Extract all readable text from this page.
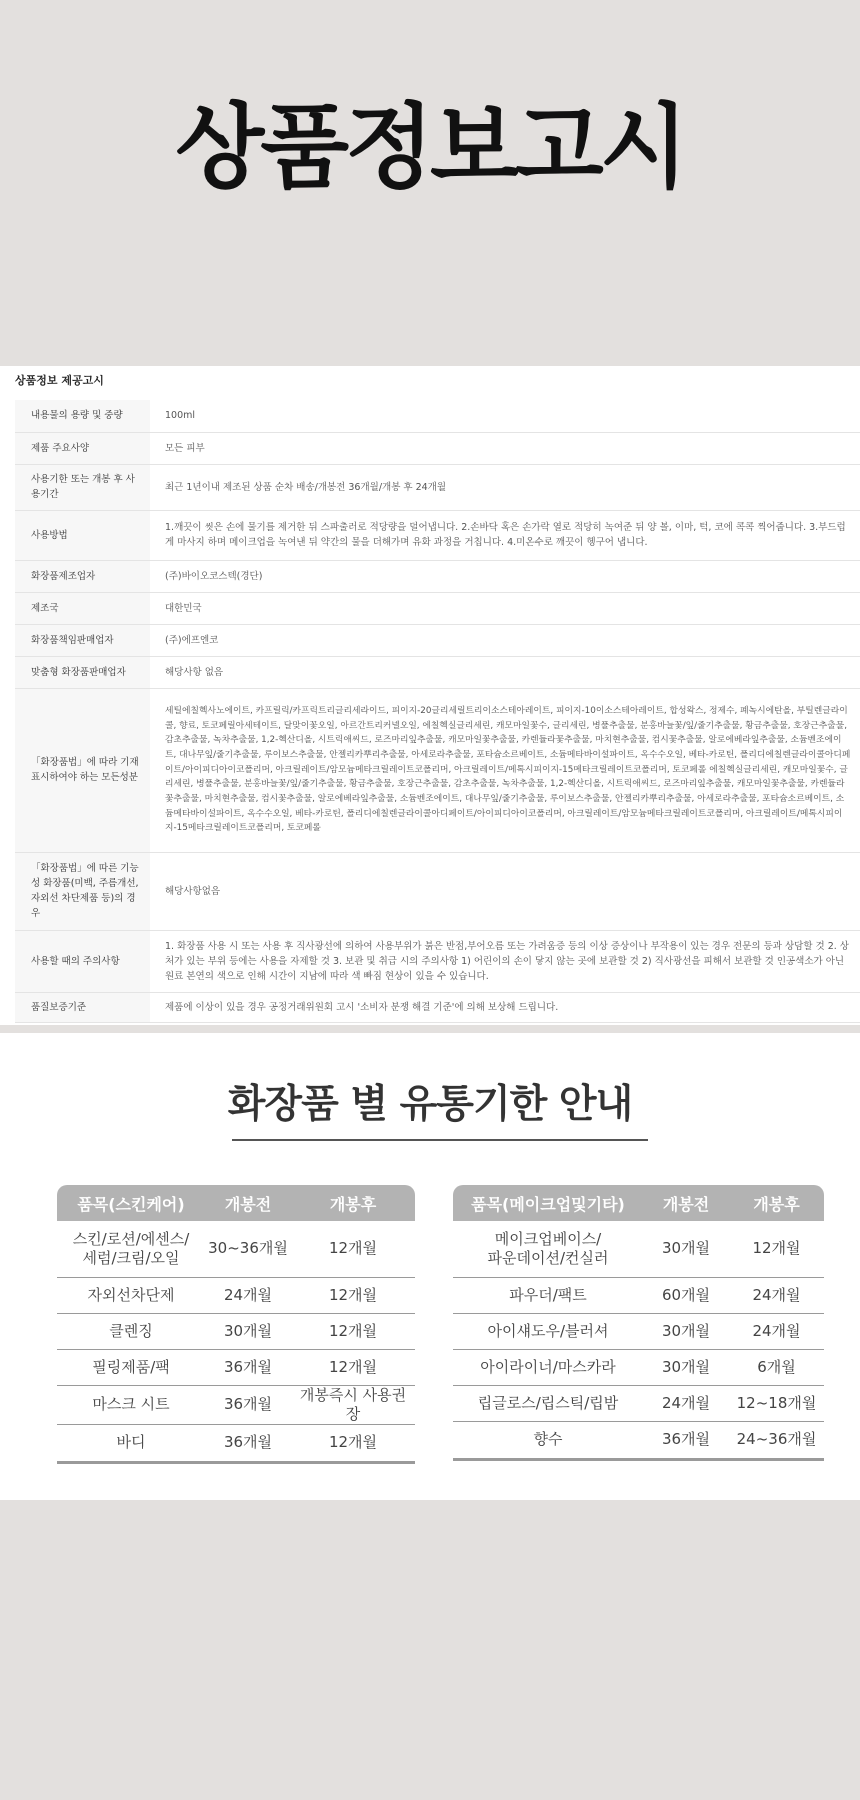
상품정보고시
상품정보 제공고시
내용물의 용량 및 중량	100ml
제품 주요사양	모든 피부
사용기한 또는 개봉 후 사용기간	최근 1년이내 제조된 상품 순차 배송/개봉전 36개월/개봉 후 24개월
사용방법	1.깨끗이 씻은 손에 물기를 제거한 뒤 스파출러로 적당량을 덜어냅니다. 2.손바닥 혹은 손가락 열로 적당히 녹여준 뒤 양 볼, 이마, 턱, 코에 콕콕 찍어줍니다. 3.부드럽게 마사지 하며 메이크업을 녹여낸 뒤 약간의 물을 더해가며 유화 과정을 거칩니다. 4.미온수로 깨끗이 헹구어 냅니다.
화장품제조업자	(주)바이오코스텍(경단)
제조국	대한민국
화장품책임판매업자	(주)에프엔코
맞춤형 화장품판매업자	해당사항 없음
「화장품법」에 따라 기재 표시하여야 하는 모든성분	세틸에칠헥사노에이트, 카프릴릭/카프릭트리글리세라이드, 피이지-20글리세릴트리이소스테아레이트, 피이지-10이소스테아레이트, 합성왁스, 정제수, 폐녹시에탄올, 부틸렌글라이콜, 향료, 토코페릴아세테이트, 달맞이꽃오일, 아르간트리커넬오일, 에칠헥실글리세린, 캐모마일꽃수, 글리세린, 병풀추출물, 분홍바늘꽃/잎/줄기추출물, 황금추출물, 호장근추출물, 감초추출물, 녹차추출물, 1,2-헥산디올, 시트릭애씨드, 로즈마리잎추출물, 캐모마일꽃추출물, 카렌듈라꽃추출물, 마치현추출물, 컴시꽃추출물, 알로에베라잎추출물, 소듐벤조에이트, 대나무잎/줄기추출물, 루이보스추출물, 안젤리카뿌리추출물, 아세로라추출물, 포타슘소르베이트, 소듐메타바이설파이트, 옥수수오일, 베타-카로틴, 폴리디에칠렌글라이콜아디페이트/아이피디아이코폴리머, 아크릴레이트/암모늄메타크릴레이트코폴리머, 아크릴레이트/메톡시피이지-15메타크릴레이트코폴리머, 토코페롤 에칠헥실글리세린, 캐모마일꽃수, 글리세린, 병풀추출물, 분홍바늘꽃/잎/줄기추출물, 황금추출물, 호장근추출물, 감초추출물, 녹차추출물, 1,2-헥산디올, 시트릭애씨드, 로즈마리잎추출물, 캐모마일꽃추출물, 카렌듈라꽃추출물, 마치현추출물, 컴시꽃추출물, 알로에베라잎추출물, 소듐벤조에이트, 대나무잎/줄기추출물, 루이보스추출물, 안젤리카뿌리추출물, 아세로라추출물, 포타슘소르베이트, 소듐메타바이설파이트, 옥수수오일, 베타-카로틴, 폴리디에칠렌글라이콜아디페이트/아이피디아이코폴리머, 아크릴레이트/암모늄메타크릴레이트코폴리머, 아크릴레이트/메톡시피이지-15메타크릴레이트코폴리머, 토코페롤
「화장품법」에 따른 기능성 화장품(미백, 주름개선, 자외선 차단제품 등)의 경우	해당사항없음
사용할 때의 주의사항	1. 화장품 사용 시 또는 사용 후 직사광선에 의하여 사용부위가 붉은 반점,부어오름 또는 가려움증 등의 이상 증상이나 부작용이 있는 경우 전문의 등과 상담할 것 2. 상처가 있는 부위 등에는 사용을 자제할 것 3. 보관 및 취급 시의 주의사항 1) 어린이의 손이 닿지 않는 곳에 보관할 것 2) 직사광선을 피해서 보관할 것 인공색소가 아닌 원료 본연의 색으로 인해 시간이 지남에 따라 색 빠짐 현상이 있을 수 있습니다.
품질보증기준	제품에 이상이 있을 경우 공정거래위원회 고시 '소비자 분쟁 해결 기준'에 의해 보상해 드립니다.
화장품 별 유통기한 안내
품목(스킨케어)	개봉전	개봉후
스킨/로션/에센스/
세럼/크림/오일	30~36개월	12개월
자외선차단제	24개월	12개월
클렌징	30개월	12개월
필링제품/팩	36개월	12개월
마스크 시트	36개월	개봉즉시 사용권장
바디	36개월	12개월
품목(메이크업및기타)	개봉전	개봉후
메이크업베이스/
파운데이션/컨실러	30개월	12개월
파우더/팩트	60개월	24개월
아이섀도우/블러셔	30개월	24개월
아이라이너/마스카라	30개월	6개월
립글로스/립스틱/립밤	24개월	12~18개월
향수	36개월	24~36개월
